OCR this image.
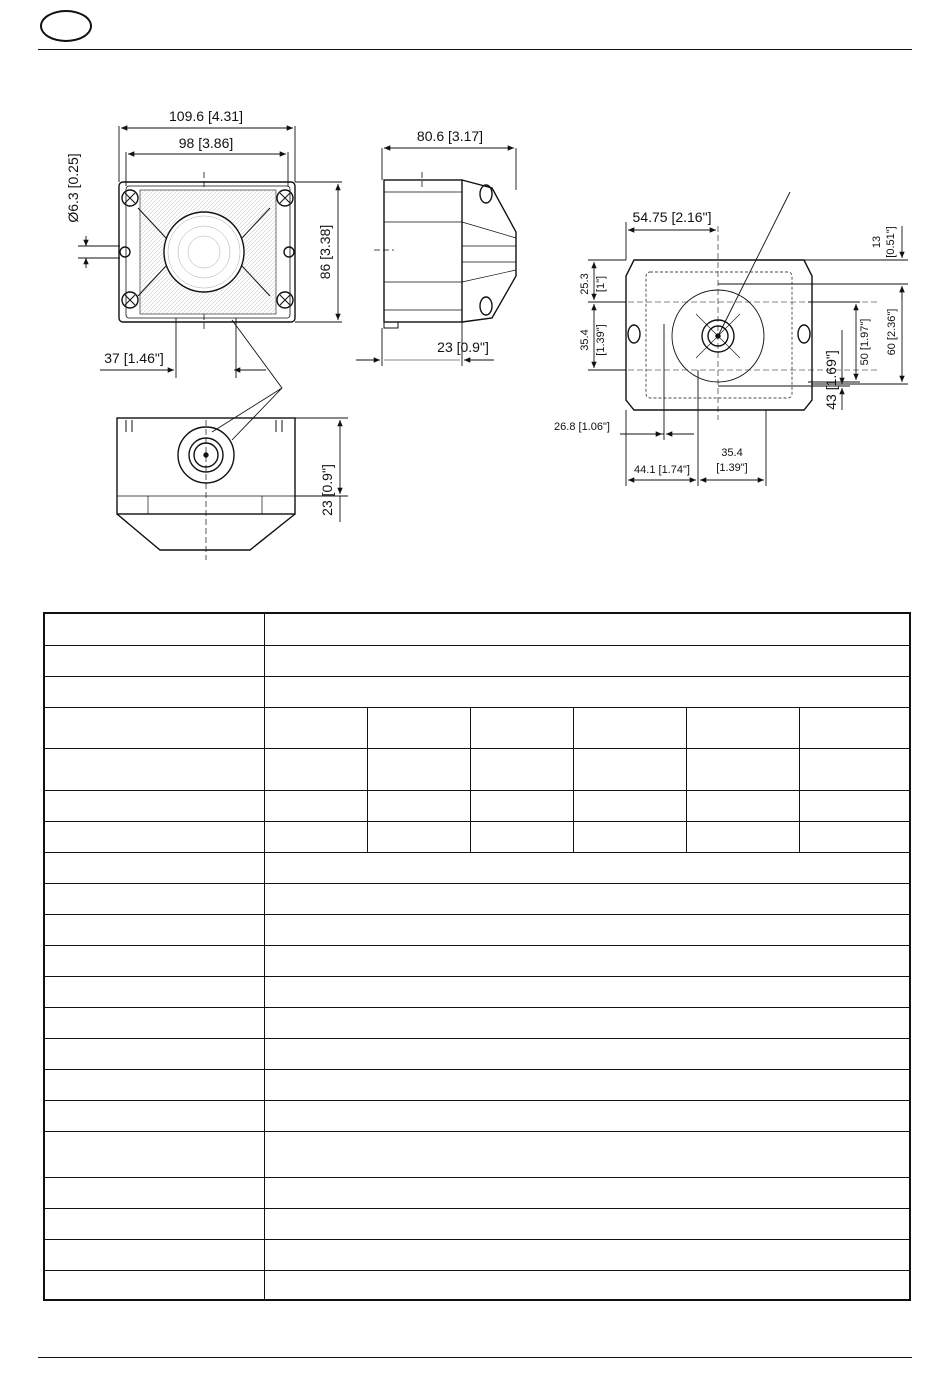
109.6 [4.31]
98 [3.86]
Ø6.3 [0.25]
86 [3.38]
37 [1.46"]
80.6 [3.17]
23 [0.9"]
23 [0.9"]
54.75 [2.16"]
13 [0.51"]
25.3 [1"]
35.4 [1.39"]	50 [1.97"] 60 [2.36"]
43 [1.69"]
26.8 [1.06"]
44.1 [1.74"]
35.4
[1.39"]
